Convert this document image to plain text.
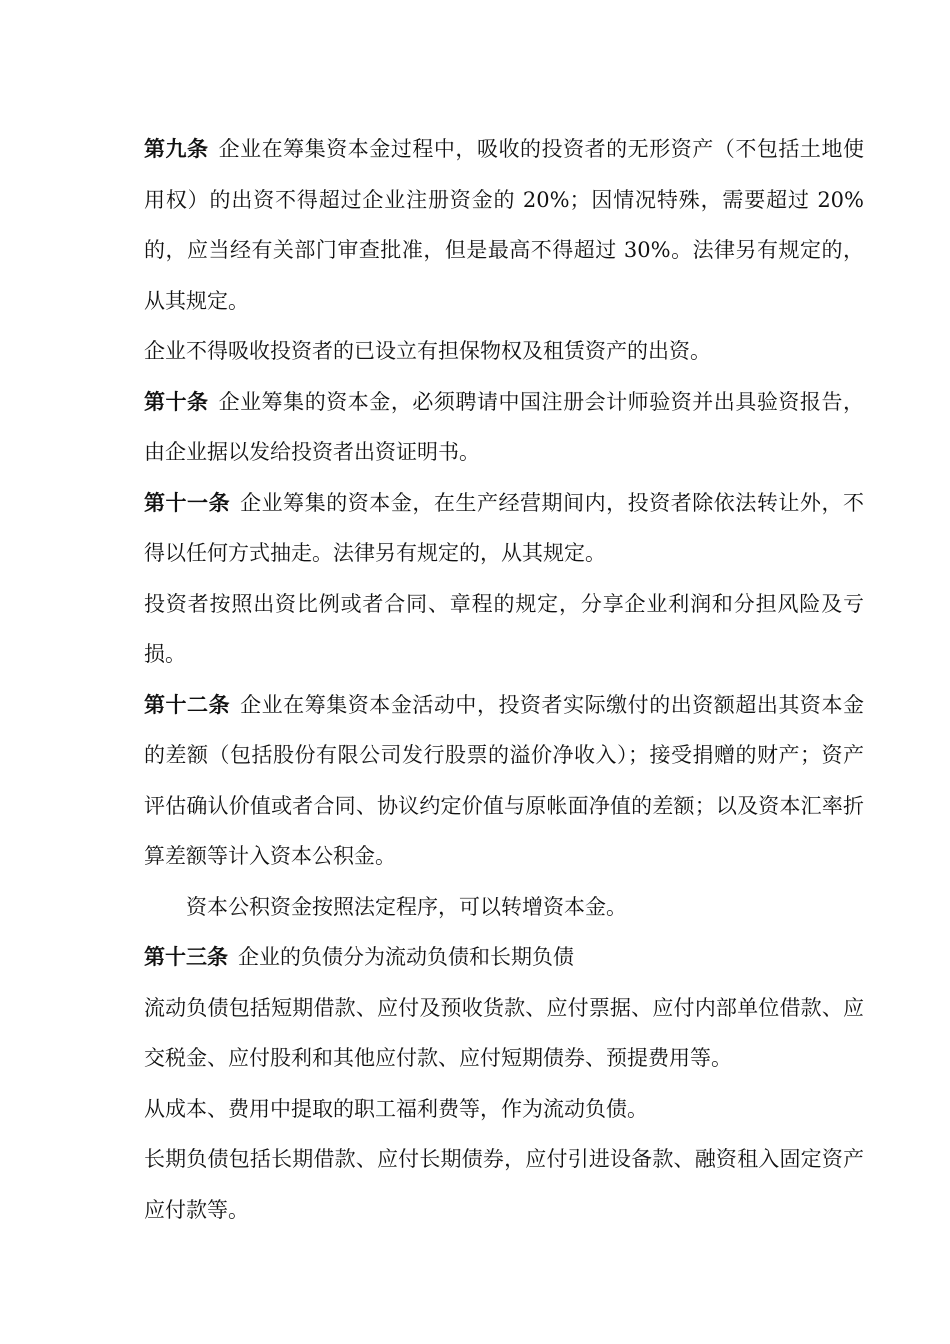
第九条 企业在筹集资本金过程中，吸收的投资者的无形资产（不包括土地使用权）的出资不得超过企业注册资金的 20%；因情况特殊，需要超过 20%的，应当经有关部门审查批准，但是最高不得超过 30%。法律另有规定的，从其规定。

企业不得吸收投资者的已设立有担保物权及租赁资产的出资。

第十条 企业筹集的资本金，必须聘请中国注册会计师验资并出具验资报告，由企业据以发给投资者出资证明书。

第十一条 企业筹集的资本金，在生产经营期间内，投资者除依法转让外，不得以任何方式抽走。法律另有规定的，从其规定。

投资者按照出资比例或者合同、章程的规定，分享企业利润和分担风险及亏损。

第十二条 企业在筹集资本金活动中，投资者实际缴付的出资额超出其资本金的差额（包括股份有限公司发行股票的溢价净收入）；接受捐赠的财产；资产评估确认价值或者合同、协议约定价值与原帐面净值的差额；以及资本汇率折算差额等计入资本公积金。

资本公积资金按照法定程序，可以转增资本金。

第十三条 企业的负债分为流动负债和长期负债

流动负债包括短期借款、应付及预收货款、应付票据、应付内部单位借款、应交税金、应付股利和其他应付款、应付短期债券、预提费用等。

从成本、费用中提取的职工福利费等，作为流动负债。

长期负债包括长期借款、应付长期债券，应付引进设备款、融资租入固定资产应付款等。
